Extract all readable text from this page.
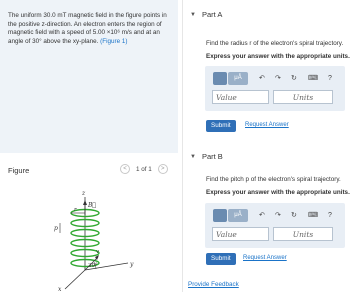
The uniform 30.0 mT magnetic field in the figure points in the positive z-direction. An electron enters the region of magnetic field with a speed of 5.00 ×10⁶ m/s and at an angle of 30° above the xy-plane. (Figure 1)
Figure	<	1 of 1	>
z
y
x
r
p
B⃗
v
30°
▼ Part A
Find the radius r of the electron's spiral trajectory.
Express your answer with the appropriate units.
μÅ	↶ ↷ ↻ ⌨ ?
Value	Units
Submit	Request Answer
▼ Part B
Find the pitch p of the electron's spiral trajectory.
Express your answer with the appropriate units.
μÅ	↶ ↷ ↻ ⌨ ?
Value	Units
Submit	Request Answer
Provide Feedback
